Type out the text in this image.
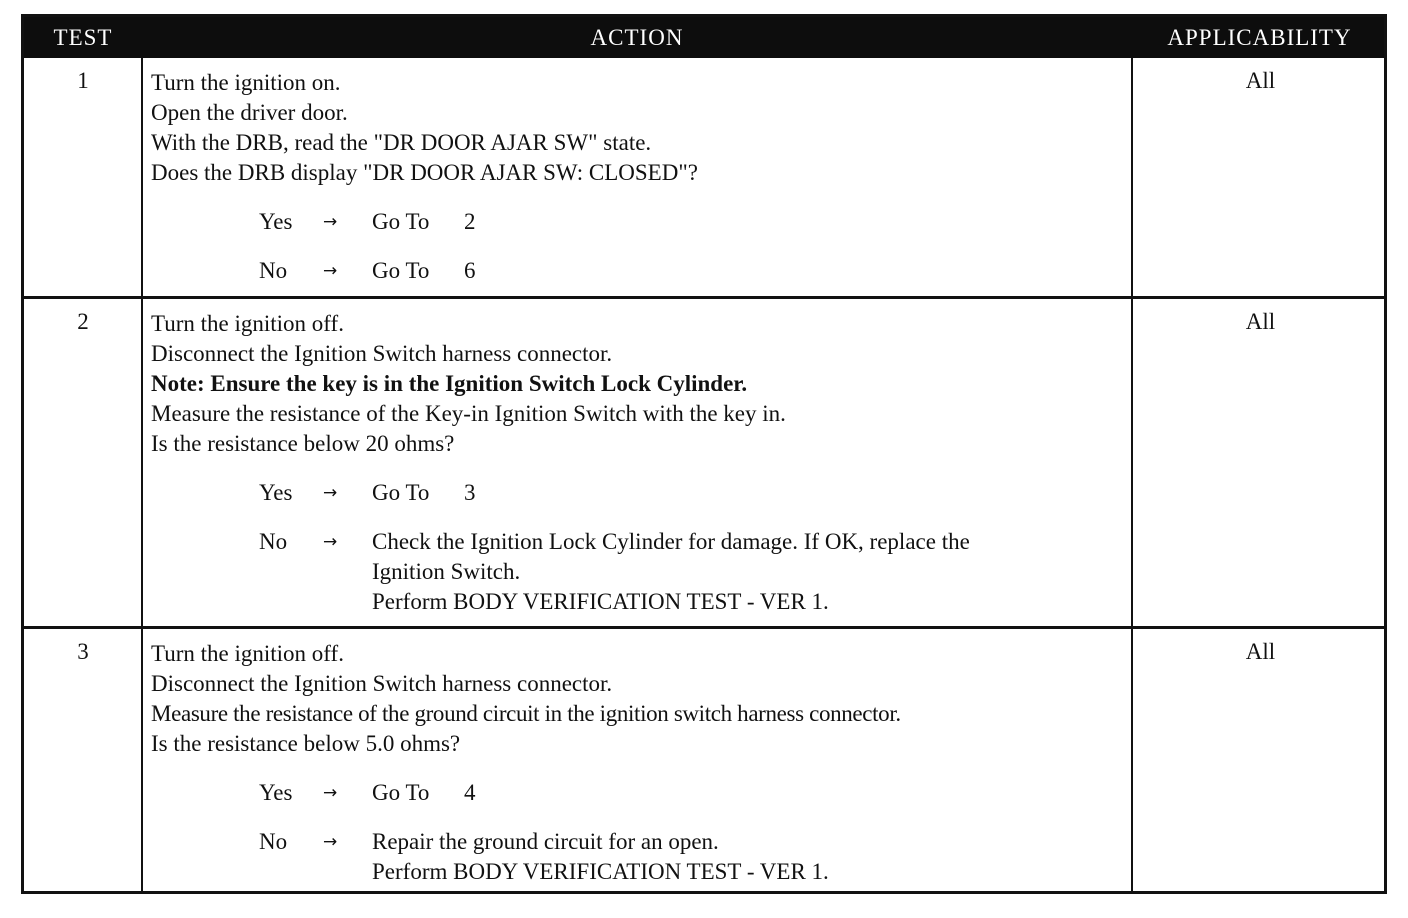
TEST	ACTION	APPLICABILITY
1	Turn the ignition on.
Open the driver door.
With the DRB, read the "DR DOOR AJAR SW" state.
Does the DRB display "DR DOOR AJAR SW: CLOSED"?
Yes → Go To 2
No → Go To 6
All
2	Turn the ignition off.
Disconnect the Ignition Switch harness connector.
Note: Ensure the key is in the Ignition Switch Lock Cylinder.
Measure the resistance of the Key-in Ignition Switch with the key in.
Is the resistance below 20 ohms?
Yes → Go To 3
No → Check the Ignition Lock Cylinder for damage. If OK, replace the
Ignition Switch.
Perform BODY VERIFICATION TEST - VER 1.
All
3	Turn the ignition off.
Disconnect the Ignition Switch harness connector.
Measure the resistance of the ground circuit in the ignition switch harness connector.
Is the resistance below 5.0 ohms?
Yes → Go To 4
No → Repair the ground circuit for an open.
Perform BODY VERIFICATION TEST - VER 1.
All
